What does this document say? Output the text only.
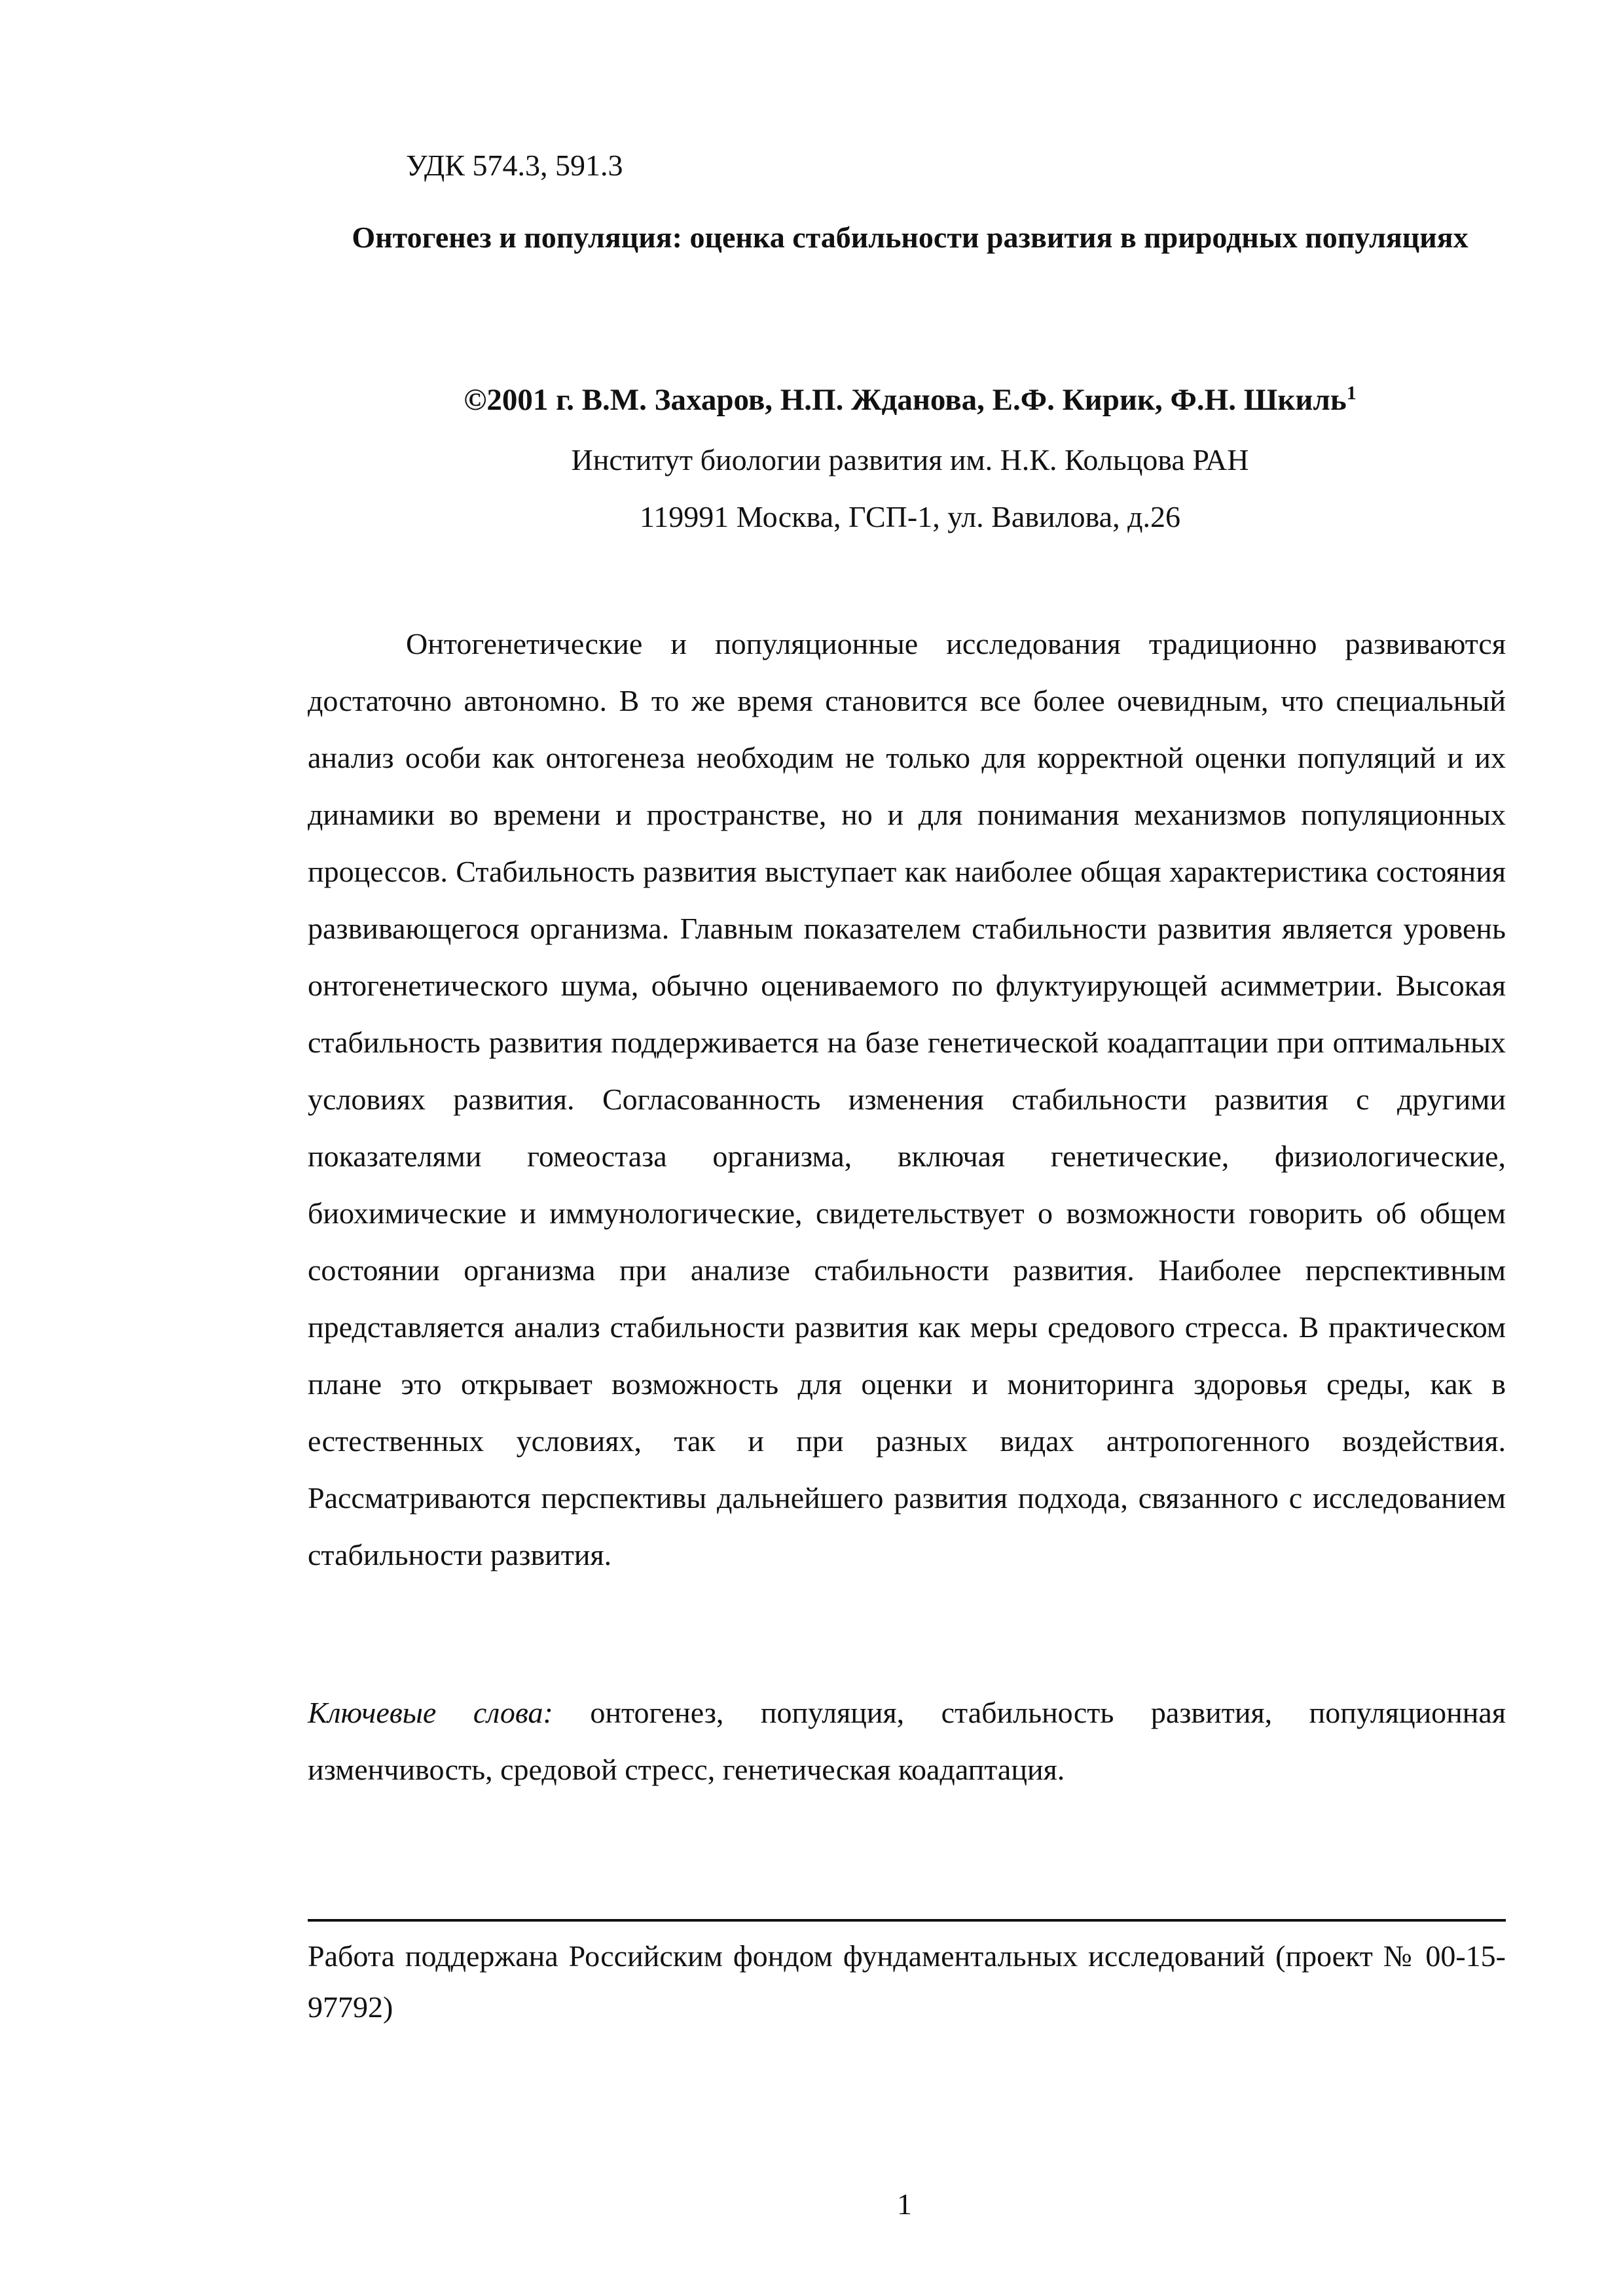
УДК 574.3, 591.3
Онтогенез и популяция: оценка стабильности развития в природных популяциях
©2001 г. В.М. Захаров, Н.П. Жданова, Е.Ф. Кирик, Ф.Н. Шкиль$^1$
Институт биологии развития им. Н.К. Кольцова РАН
119991 Москва, ГСП-1, ул. Вавилова, д.26

Онтогенетические и популяционные исследования традиционно развиваются достаточно автономно. В то же время становится все более очевидным, что специальный анализ особи как онтогенеза необходим не только для корректной оценки популяций и их динамики во времени и пространстве, но и для понимания механизмов популяционных процессов. Стабильность развития выступает как наиболее общая характеристика состояния развивающегося организма. Главным показателем стабильности развития является уровень онтогенетического шума, обычно оцениваемого по флуктуирующей асимметрии. Высокая стабильность развития поддерживается на базе генетической коадаптации при оптимальных условиях развития. Согласованность изменения стабильности развития с другими показателями гомеостаза организма, включая генетические, физиологические, биохимические и иммунологические, свидетельствует о возможности говорить об общем состоянии организма при анализе стабильности развития. Наиболее перспективным представляется анализ стабильности развития как меры средового стресса. В практическом плане это открывает возможность для оценки и мониторинга здоровья среды, как в естественных условиях, так и при разных видах антропогенного воздействия. Рассматриваются перспективы дальнейшего развития подхода, связанного с исследованием стабильности развития.

Ключевые слова: онтогенез, популяция, стабильность развития, популяционная изменчивость, средовой стресс, генетическая коадаптация.

Работа поддержана Российским фондом фундаментальных исследований (проект № 00-15-97792)

1
